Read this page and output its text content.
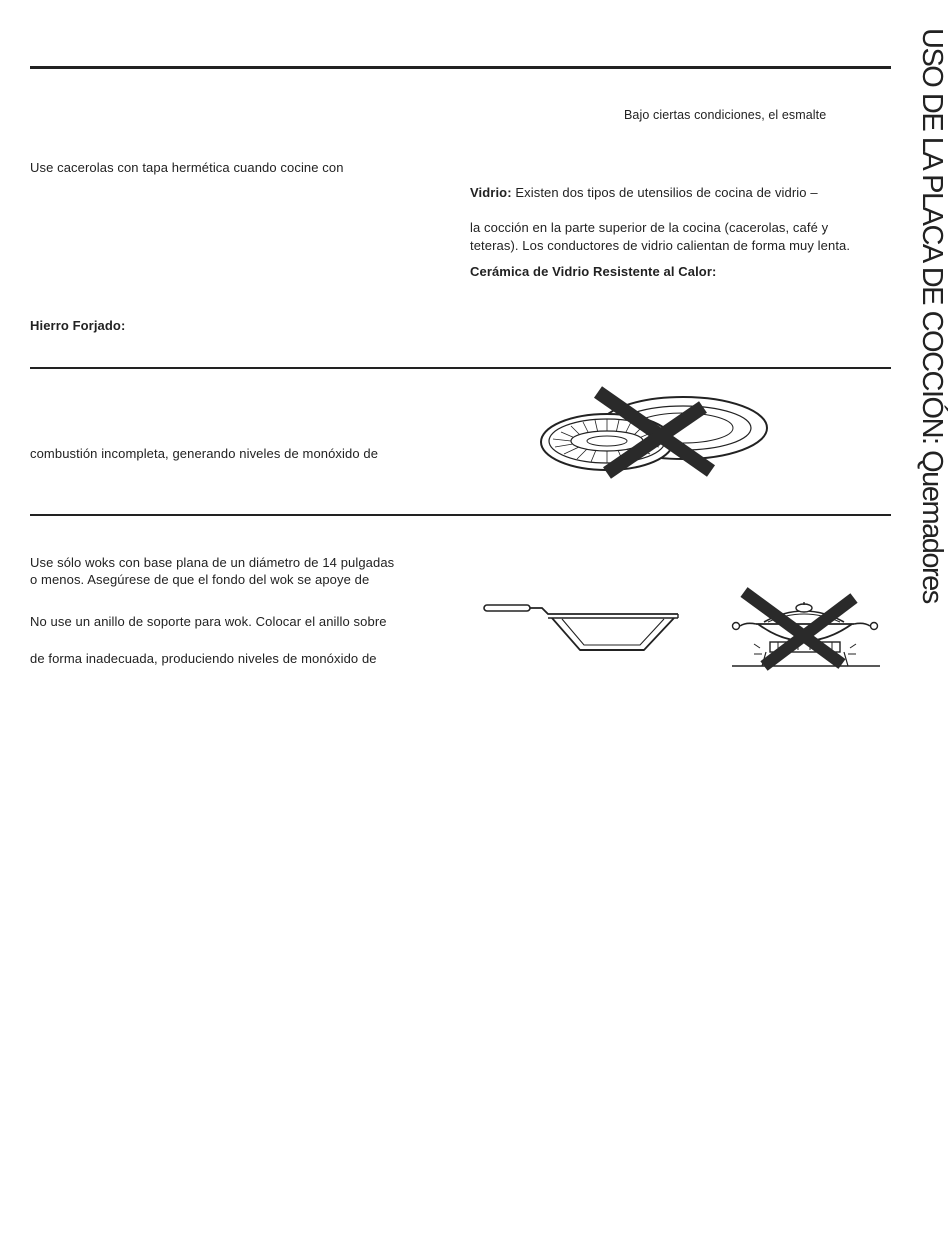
USO DE LA PLACA DE COCCIÓN: Quemadores
Bajo ciertas condiciones, el esmalte
Use cacerolas con tapa hermética cuando cocine con
Vidrio: Existen dos tipos de utensilios de cocina de vidrio –
la cocción en la parte superior de la cocina (cacerolas, café y
teteras). Los conductores de vidrio calientan de forma muy lenta.
Cerámica de Vidrio Resistente al Calor:
Hierro Forjado:
combustión incompleta, generando niveles de monóxido de
Use sólo woks con base plana de un diámetro de 14 pulgadas
o menos. Asegúrese de que el fondo del wok se apoye de
No use un anillo de soporte para wok. Colocar el anillo sobre
de forma inadecuada, produciendo niveles de monóxido de
